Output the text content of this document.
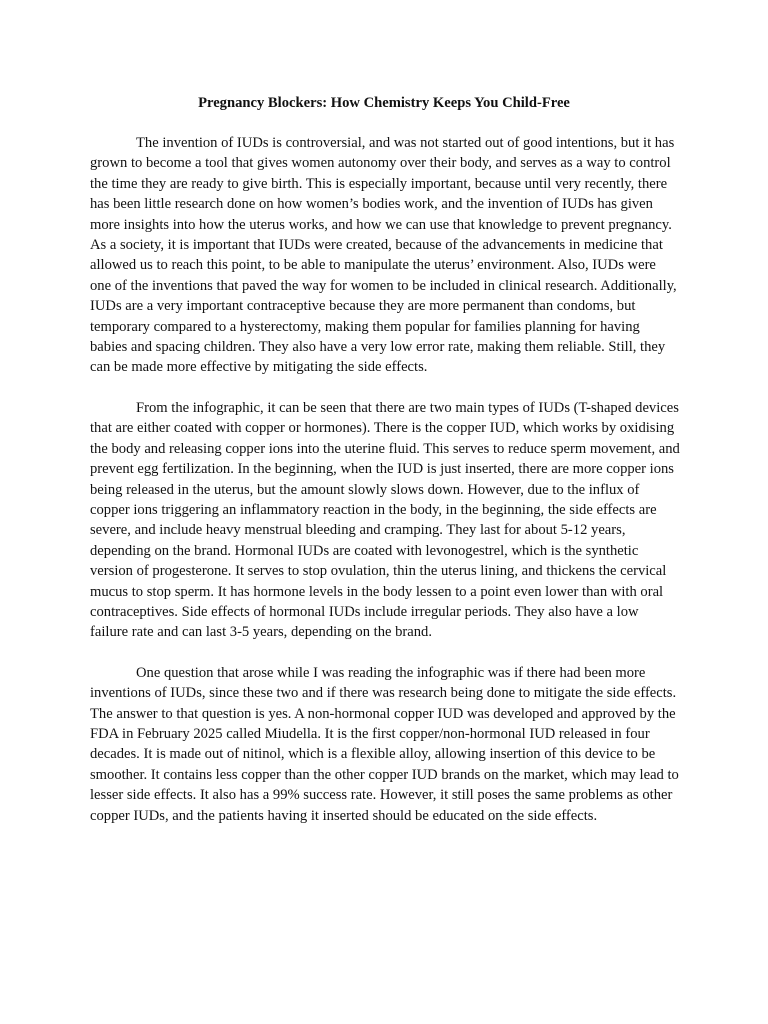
Pregnancy Blockers: How Chemistry Keeps You Child-Free

The invention of IUDs is controversial, and was not started out of good intentions, but it has grown to become a tool that gives women autonomy over their body, and serves as a way to control the time they are ready to give birth. This is especially important, because until very recently, there has been little research done on how women’s bodies work, and the invention of IUDs has given more insights into how the uterus works, and how we can use that knowledge to prevent pregnancy. As a society, it is important that IUDs were created, because of the advancements in medicine that allowed us to reach this point, to be able to manipulate the uterus’ environment. Also, IUDs were one of the inventions that paved the way for women to be included in clinical research. Additionally, IUDs are a very important contraceptive because they are more permanent than condoms, but temporary compared to a hysterectomy, making them popular for families planning for having babies and spacing children. They also have a very low error rate, making them reliable. Still, they can be made more effective by mitigating the side effects.

From the infographic, it can be seen that there are two main types of IUDs (T-shaped devices that are either coated with copper or hormones). There is the copper IUD, which works by oxidising the body and releasing copper ions into the uterine fluid. This serves to reduce sperm movement, and prevent egg fertilization. In the beginning, when the IUD is just inserted, there are more copper ions being released in the uterus, but the amount slowly slows down. However, due to the influx of copper ions triggering an inflammatory reaction in the body, in the beginning, the side effects are severe, and include heavy menstrual bleeding and cramping. They last for about 5-12 years, depending on the brand. Hormonal IUDs are coated with levonogestrel, which is the synthetic version of progesterone. It serves to stop ovulation, thin the uterus lining, and thickens the cervical mucus to stop sperm. It has hormone levels in the body lessen to a point even lower than with oral contraceptives. Side effects of hormonal IUDs include irregular periods. They also have a low failure rate and can last 3-5 years, depending on the brand.

One question that arose while I was reading the infographic was if there had been more inventions of IUDs, since these two and if there was research being done to mitigate the side effects. The answer to that question is yes. A non-hormonal copper IUD was developed and approved by the FDA in February 2025 called Miudella. It is the first copper/non-hormonal IUD released in four decades. It is made out of nitinol, which is a flexible alloy, allowing insertion of this device to be smoother. It contains less copper than the other copper IUD brands on the market, which may lead to lesser side effects. It also has a 99% success rate. However, it still poses the same problems as other copper IUDs, and the patients having it inserted should be educated on the side effects.
